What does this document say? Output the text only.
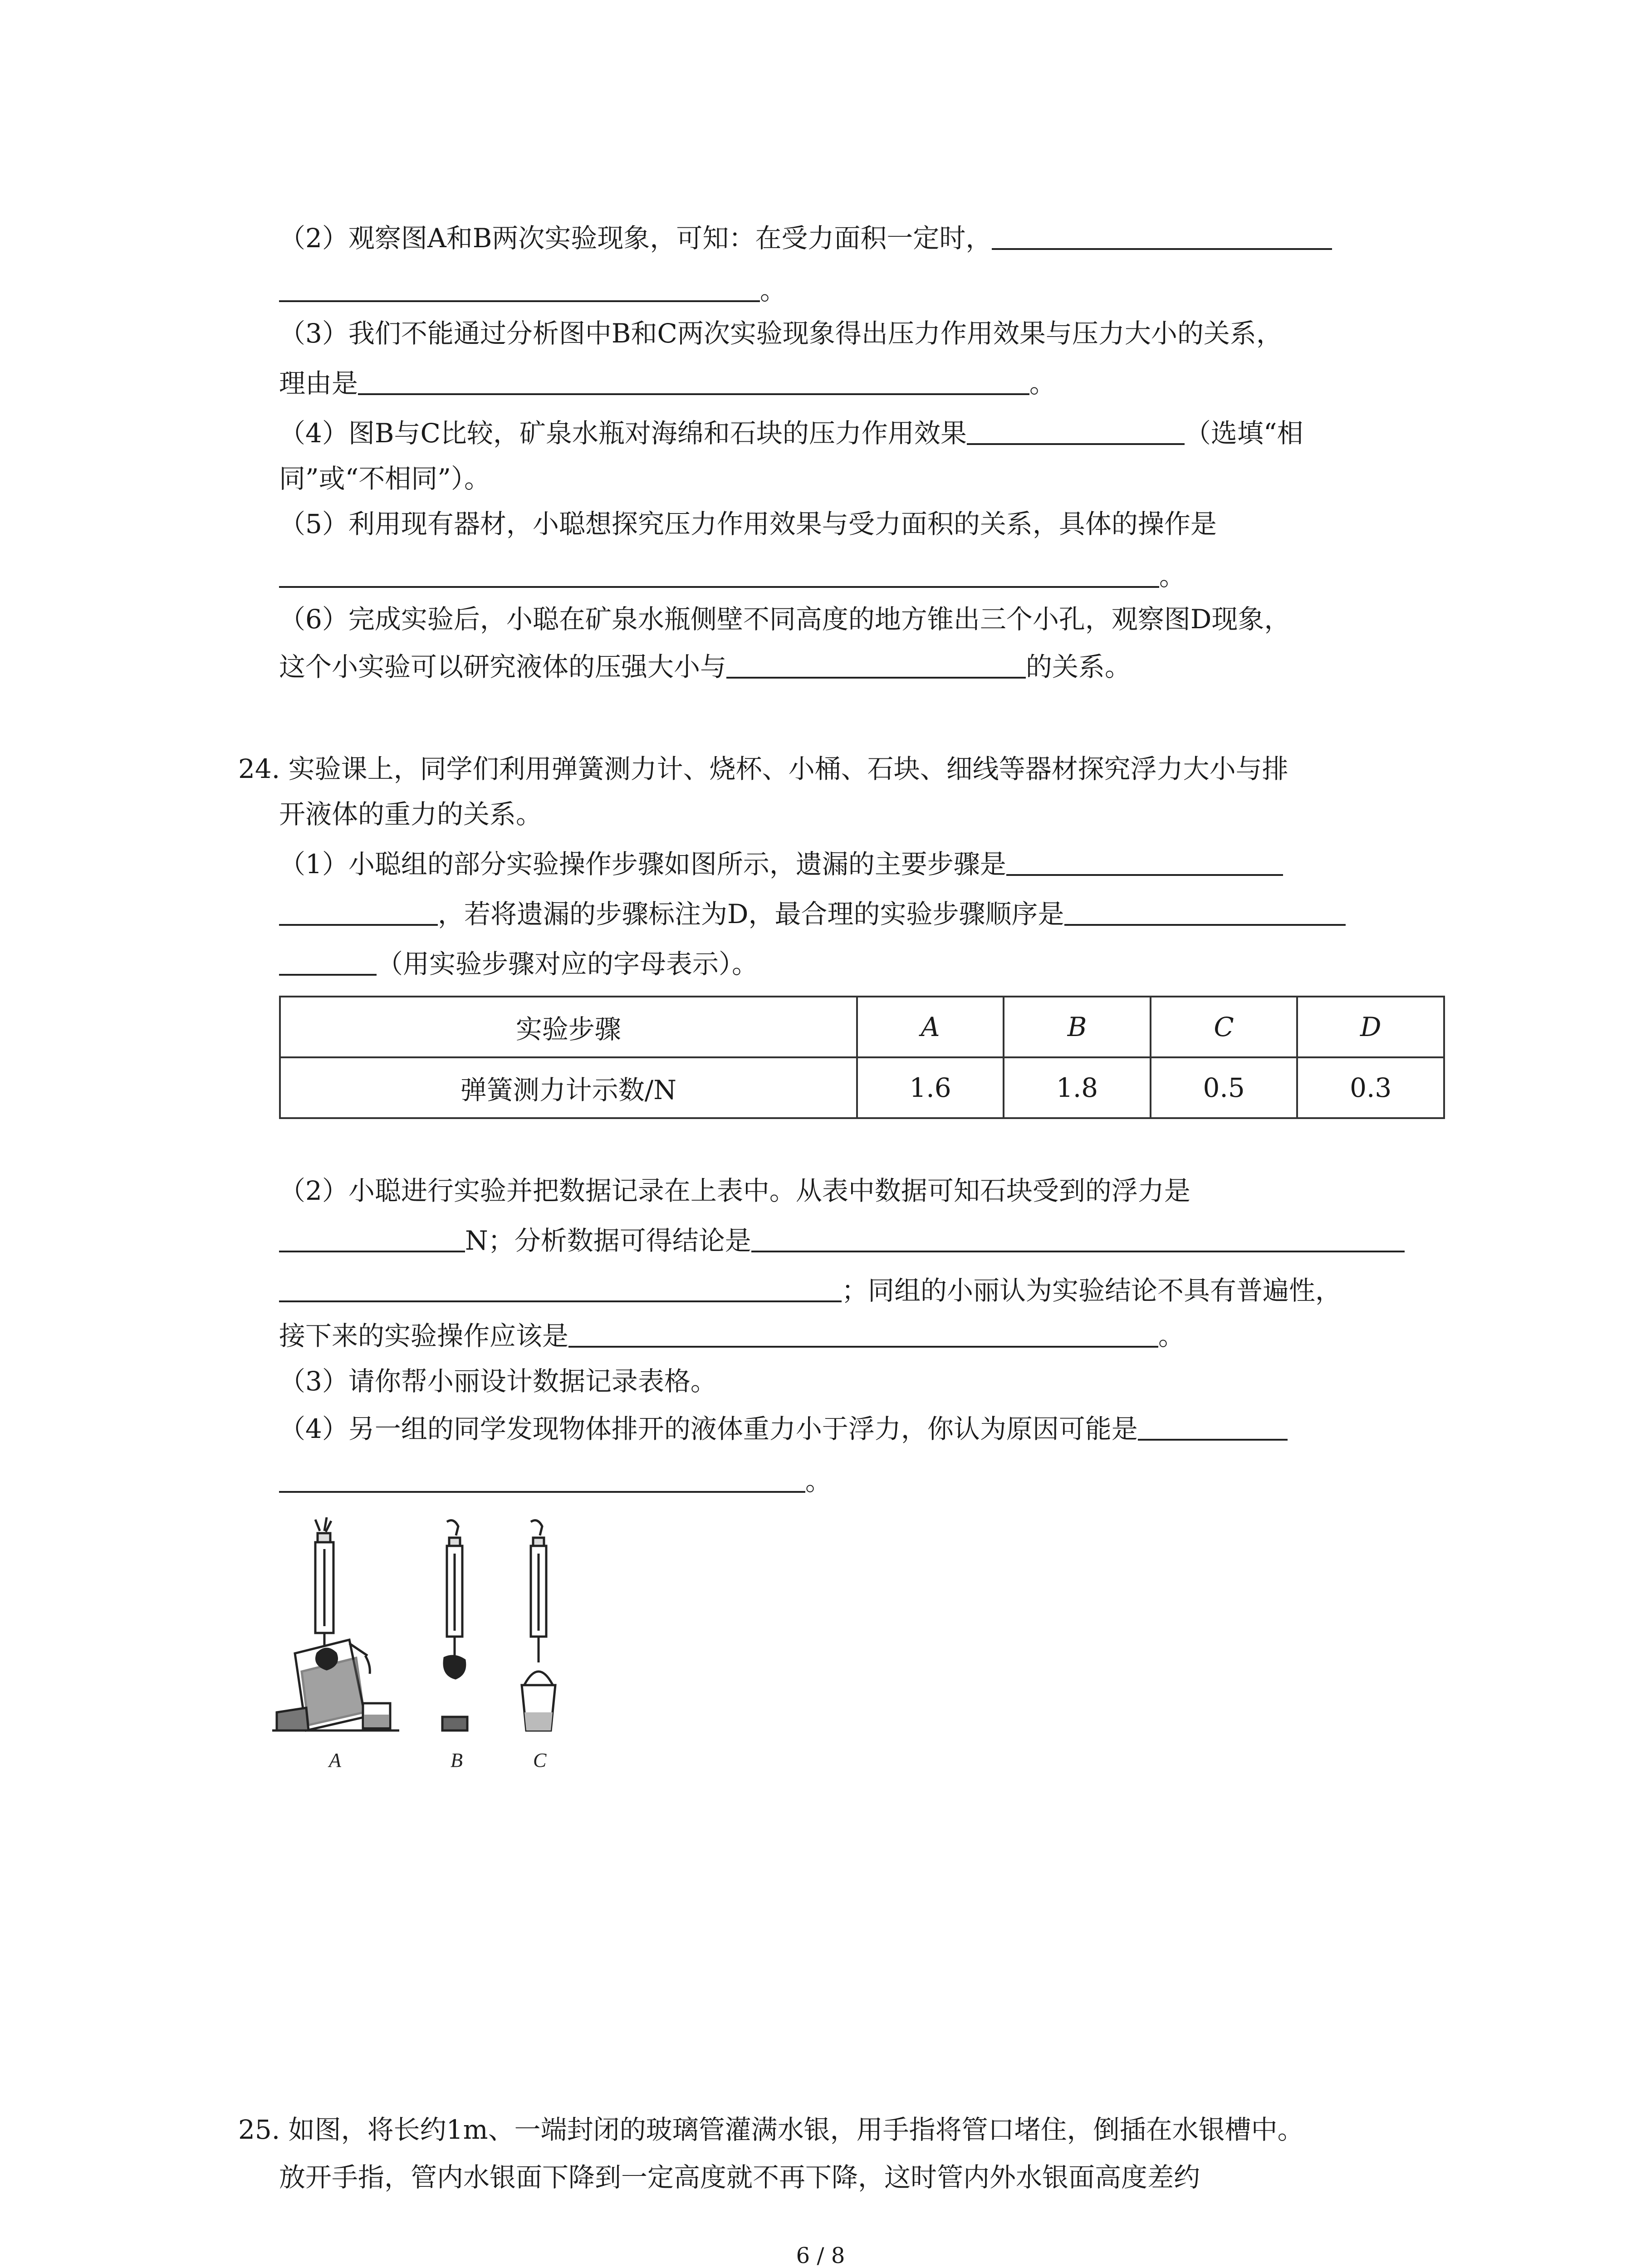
（2）观察图A和B两次实验现象，可知：在受力面积一定时，
。
（3）我们不能通过分析图中B和C两次实验现象得出压力作用效果与压力大小的关系，
理由是	。
（4）图B与C比较，矿泉水瓶对海绵和石块的压力作用效果	（选填“相
同”或“不相同”）。
（5）利用现有器材，小聪想探究压力作用效果与受力面积的关系，具体的操作是
。
（6）完成实验后，小聪在矿泉水瓶侧壁不同高度的地方锥出三个小孔，观察图D现象，
这个小实验可以研究液体的压强大小与	的关系。
24. 实验课上，同学们利用弹簧测力计、烧杯、小桶、石块、细线等器材探究浮力大小与排
开液体的重力的关系。
（1）小聪组的部分实验操作步骤如图所示，遗漏的主要步骤是
，若将遗漏的步骤标注为D，最合理的实验步骤顺序是
（用实验步骤对应的字母表示）。
实验步骤	A	B	C	D
弹簧测力计示数/N	1.6	1.8	0.5	0.3
（2）小聪进行实验并把数据记录在上表中。从表中数据可知石块受到的浮力是
N；分析数据可得结论是
；同组的小丽认为实验结论不具有普遍性，
接下来的实验操作应该是	。
（3）请你帮小丽设计数据记录表格。
（4）另一组的同学发现物体排开的液体重力小于浮力，你认为原因可能是
。
A	B	C
25. 如图，将长约1m、一端封闭的玻璃管灌满水银，用手指将管口堵住，倒插在水银槽中。
放开手指，管内水银面下降到一定高度就不再下降，这时管内外水银面高度差约
6 / 8
